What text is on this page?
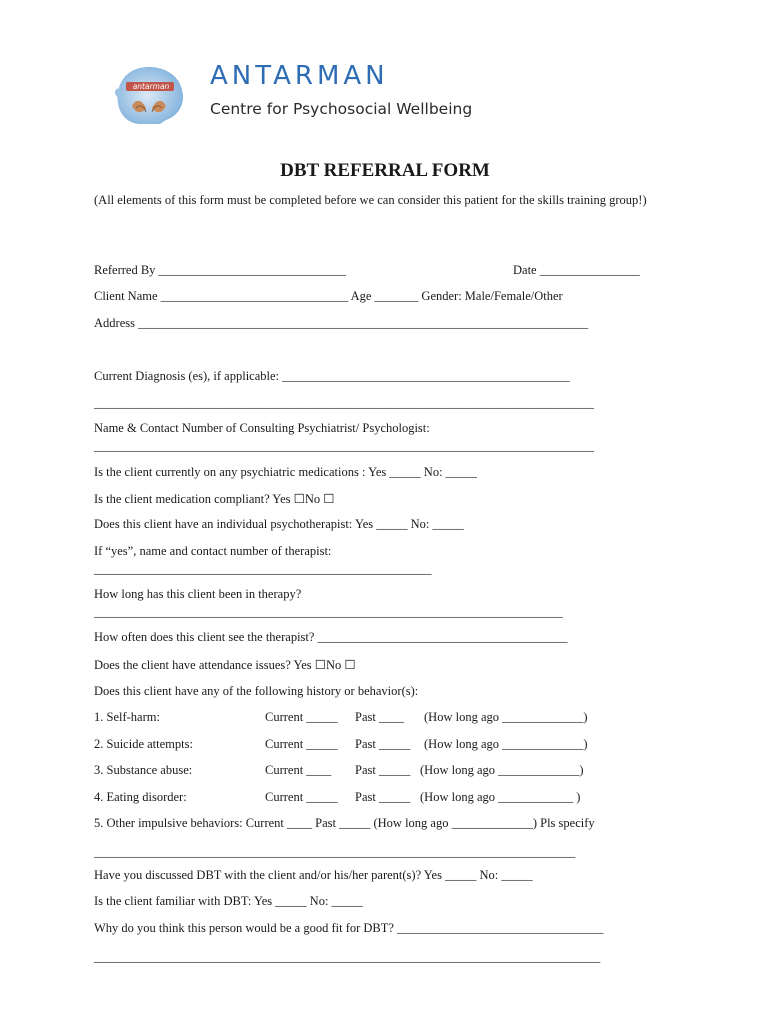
antarman ANTARMAN
Centre for Psychosocial Wellbeing
DBT REFERRAL FORM
(All elements of this form must be completed before we can consider this patient for the skills training group!)
Referred By ______________________________	Date ________________
Client Name ______________________________ Age _______ Gender: Male/Female/Other
Address ________________________________________________________________________
Current Diagnosis (es), if applicable: ______________________________________________
________________________________________________________________________________
Name & Contact Number of Consulting Psychiatrist/ Psychologist:
________________________________________________________________________________
Is the client currently on any psychiatric medications : Yes _____ No: _____
Is the client medication compliant? Yes ☐No ☐
Does this client have an individual psychotherapist: Yes _____ No: _____
If “yes”, name and contact number of therapist:
______________________________________________________
How long has this client been in therapy?
___________________________________________________________________________
How often does this client see the therapist? ________________________________________
Does the client have attendance issues? Yes ☐No ☐
Does this client have any of the following history or behavior(s):
1. Self-harm:	Current _____ Past ____ (How long ago _____________)
2. Suicide attempts:	Current _____ Past _____ (How long ago _____________)
3. Substance abuse:	Current ____ Past _____ (How long ago _____________)
4. Eating disorder:	Current _____ Past _____ (How long ago ____________ )
5. Other impulsive behaviors: Current ____ Past _____ (How long ago _____________) Pls specify
_____________________________________________________________________________
Have you discussed DBT with the client and/or his/her parent(s)? Yes _____ No: _____
Is the client familiar with DBT: Yes _____ No: _____
Why do you think this person would be a good fit for DBT? _________________________________
_________________________________________________________________________________
